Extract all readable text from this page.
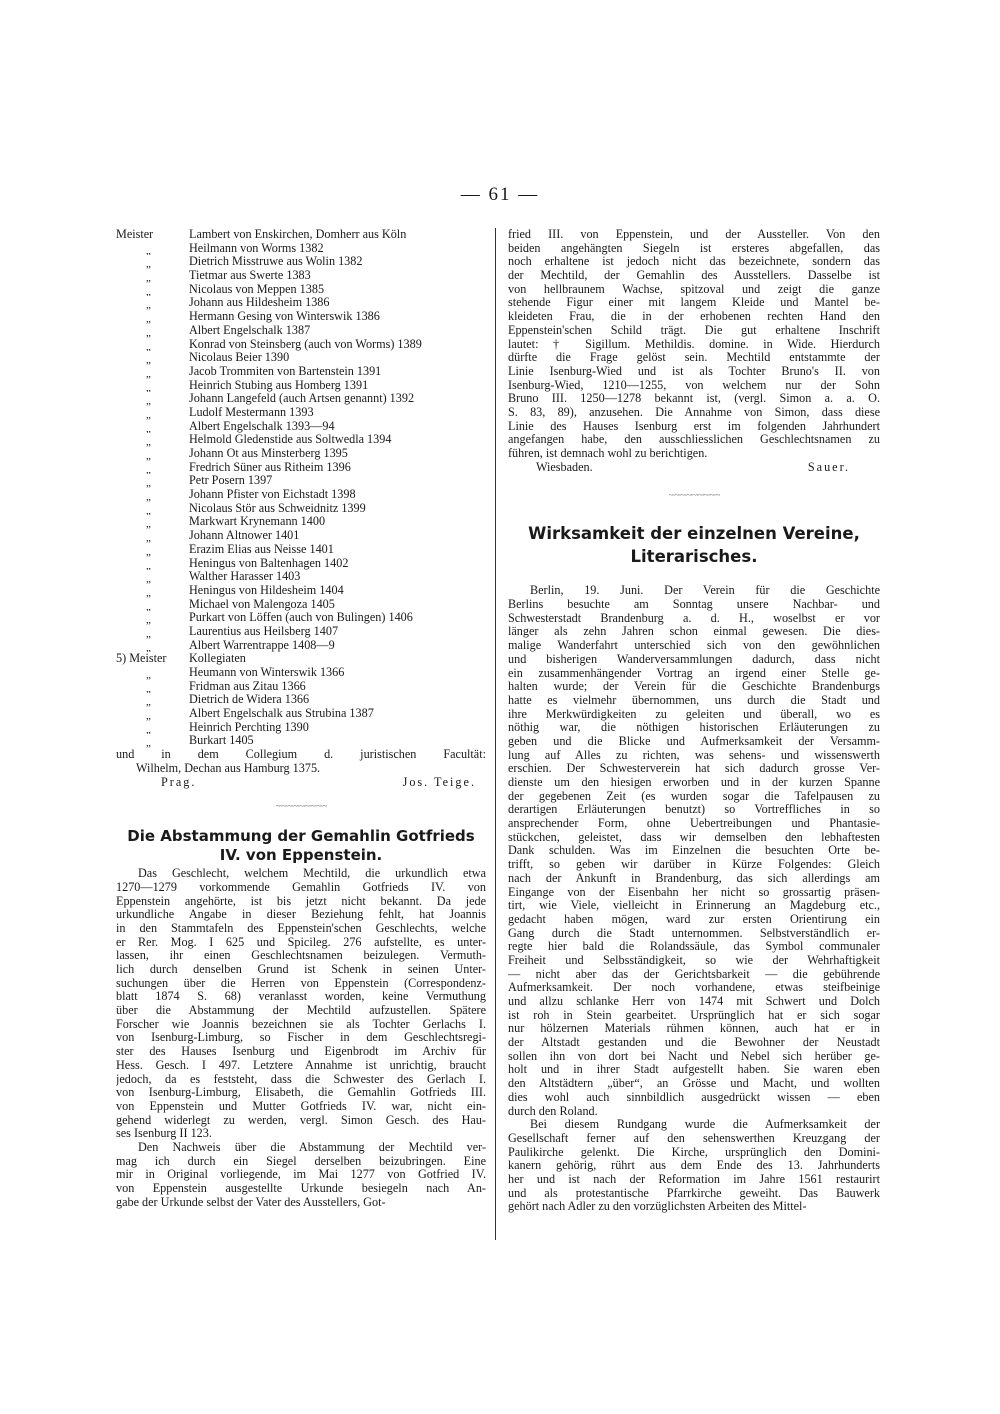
— 61 —
Meister	Lambert von Enskirchen, Domherr aus Köln
„	Heilmann von Worms 1382
„	Dietrich Misstruwe aus Wolin 1382
„	Tietmar aus Swerte 1383
„	Nicolaus von Meppen 1385
„	Johann aus Hildesheim 1386
„	Hermann Gesing von Winterswik 1386
„	Albert Engelschalk 1387
„	Konrad von Steinsberg (auch von Worms) 1389
„	Nicolaus Beier 1390
„	Jacob Trommiten von Bartenstein 1391
„	Heinrich Stubing aus Homberg 1391
„	Johann Langefeld (auch Artsen genannt) 1392
„	Ludolf Mestermann 1393
„	Albert Engelschalk 1393—94
„	Helmold Gledenstide aus Soltwedla 1394
„	Johann Ot aus Minsterberg 1395
„	Fredrich Süner aus Ritheim 1396
„	Petr Posern 1397
„	Johann Pfister von Eichstadt 1398
„	Nicolaus Stör aus Schweidnitz 1399
„	Markwart Krynemann 1400
„	Johann Altnower 1401
„	Erazim Elias aus Neisse 1401
„	Heningus von Baltenhagen 1402
„	Walther Harasser 1403
„	Heningus von Hildesheim 1404
„	Michael von Malengoza 1405
„	Purkart von Löffen (auch von Bulingen) 1406
„	Laurentius aus Heilsberg 1407
„	Albert Warrentrappe 1408—9
5) Meister Kollegiaten
„	Heumann von Winterswik 1366
„	Fridman aus Zitau 1366
„	Dietrich de Widera 1366
„	Albert Engelschalk aus Strubina 1387
„	Heinrich Perchting 1390
„	Burkart 1405
und in dem Collegium d. juristischen Facultät:
Wilhelm, Dechan aus Hamburg 1375.
Prag.	Jos. Teige.
~·~·~·~·~·~·~·~·~
Die Abstammung der Gemahlin Gotfrieds IV. von Eppenstein.
Das Geschlecht, welchem Mechtild, die urkundlich etwa
1270—1279 vorkommende Gemahlin Gotfrieds IV. von
Eppenstein angehörte, ist bis jetzt nicht bekannt. Da jede
urkundliche Angabe in dieser Beziehung fehlt, hat Joannis
in den Stammtafeln des Eppenstein'schen Geschlechts, welche
er Rer. Mog. I 625 und Spicileg. 276 aufstellte, es unter-
lassen, ihr einen Geschlechtsnamen beizulegen. Vermuth-
lich durch denselben Grund ist Schenk in seinen Unter-
suchungen über die Herren von Eppenstein (Correspondenz-
blatt 1874 S. 68) veranlasst worden, keine Vermuthung
über die Abstammung der Mechtild aufzustellen. Spätere
Forscher wie Joannis bezeichnen sie als Tochter Gerlachs I.
von Isenburg-Limburg, so Fischer in dem Geschlechtsregi-
ster des Hauses Isenburg und Eigenbrodt im Archiv für
Hess. Gesch. I 497. Letztere Annahme ist unrichtig, braucht
jedoch, da es feststeht, dass die Schwester des Gerlach I.
von Isenburg-Limburg, Elisabeth, die Gemahlin Gotfrieds III.
von Eppenstein und Mutter Gotfrieds IV. war, nicht ein-
gehend widerlegt zu werden, vergl. Simon Gesch. des Hau-
ses Isenburg II 123.
Den Nachweis über die Abstammung der Mechtild ver-
mag ich durch ein Siegel derselben beizubringen. Eine
mir in Original vorliegende, im Mai 1277 von Gotfried IV.
von Eppenstein ausgestellte Urkunde besiegeln nach An-
gabe der Urkunde selbst der Vater des Ausstellers, Got-
fried III. von Eppenstein, und der Aussteller. Von den
beiden angehängten Siegeln ist ersteres abgefallen, das
noch erhaltene ist jedoch nicht das bezeichnete, sondern das
der Mechtild, der Gemahlin des Ausstellers. Dasselbe ist
von hellbraunem Wachse, spitzoval und zeigt die ganze
stehende Figur einer mit langem Kleide und Mantel be-
kleideten Frau, die in der erhobenen rechten Hand den
Eppenstein'schen Schild trägt. Die gut erhaltene Inschrift
lautet: † Sigillum. Methildis. domine. in Wide. Hierdurch
dürfte die Frage gelöst sein. Mechtild entstammte der
Linie Isenburg-Wied und ist als Tochter Bruno's II. von
Isenburg-Wied, 1210—1255, von welchem nur der Sohn
Bruno III. 1250—1278 bekannt ist, (vergl. Simon a. a. O.
S. 83, 89), anzusehen. Die Annahme von Simon, dass diese
Linie des Hauses Isenburg erst im folgenden Jahrhundert
angefangen habe, den ausschliesslichen Geschlechtsnamen zu
führen, ist demnach wohl zu berichtigen.
Wiesbaden.	Sauer.
~·~·~·~·~·~·~·~·~
Wirksamkeit der einzelnen Vereine,
Literarisches.
Berlin, 19. Juni. Der Verein für die Geschichte
Berlins besuchte am Sonntag unsere Nachbar- und
Schwesterstadt Brandenburg a. d. H., woselbst er vor
länger als zehn Jahren schon einmal gewesen. Die dies-
malige Wanderfahrt unterschied sich von den gewöhnlichen
und bisherigen Wanderversammlungen dadurch, dass nicht
ein zusammenhängender Vortrag an irgend einer Stelle ge-
halten wurde; der Verein für die Geschichte Brandenburgs
hatte es vielmehr übernommen, uns durch die Stadt und
ihre Merkwürdigkeiten zu geleiten und überall, wo es
nöthig war, die nöthigen historischen Erläuterungen zu
geben und die Blicke und Aufmerksamkeit der Versamm-
lung auf Alles zu richten, was sehens- und wissenswerth
erschien. Der Schwesterverein hat sich dadurch grosse Ver-
dienste um den hiesigen erworben und in der kurzen Spanne
der gegebenen Zeit (es wurden sogar die Tafelpausen zu
derartigen Erläuterungen benutzt) so Vortreffliches in so
ansprechender Form, ohne Uebertreibungen und Phantasie-
stückchen, geleistet, dass wir demselben den lebhaftesten
Dank schulden. Was im Einzelnen die besuchten Orte be-
trifft, so geben wir darüber in Kürze Folgendes: Gleich
nach der Ankunft in Brandenburg, das sich allerdings am
Eingange von der Eisenbahn her nicht so grossartig präsen-
tirt, wie Viele, vielleicht in Erinnerung an Magdeburg etc.,
gedacht haben mögen, ward zur ersten Orientirung ein
Gang durch die Stadt unternommen. Selbstverständlich er-
regte hier bald die Rolandssäule, das Symbol communaler
Freiheit und Selbsständigkeit, so wie der Wehrhaftigkeit
— nicht aber das der Gerichtsbarkeit — die gebührende
Aufmerksamkeit. Der noch vorhandene, etwas steifbeinige
und allzu schlanke Herr von 1474 mit Schwert und Dolch
ist roh in Stein gearbeitet. Ursprünglich hat er sich sogar
nur hölzernen Materials rühmen können, auch hat er in
der Altstadt gestanden und die Bewohner der Neustadt
sollen ihn von dort bei Nacht und Nebel sich herüber ge-
holt und in ihrer Stadt aufgestellt haben. Sie waren eben
den Altstädtern „über“, an Grösse und Macht, und wollten
dies wohl auch sinnbildlich ausgedrückt wissen — eben
durch den Roland.
Bei diesem Rundgang wurde die Aufmerksamkeit der
Gesellschaft ferner auf den sehenswerthen Kreuzgang der
Paulikirche gelenkt. Die Kirche, ursprünglich den Domini-
kanern gehörig, rührt aus dem Ende des 13. Jahrhunderts
her und ist nach der Reformation im Jahre 1561 restaurirt
und als protestantische Pfarrkirche geweiht. Das Bauwerk
gehört nach Adler zu den vorzüglichsten Arbeiten des Mittel-
